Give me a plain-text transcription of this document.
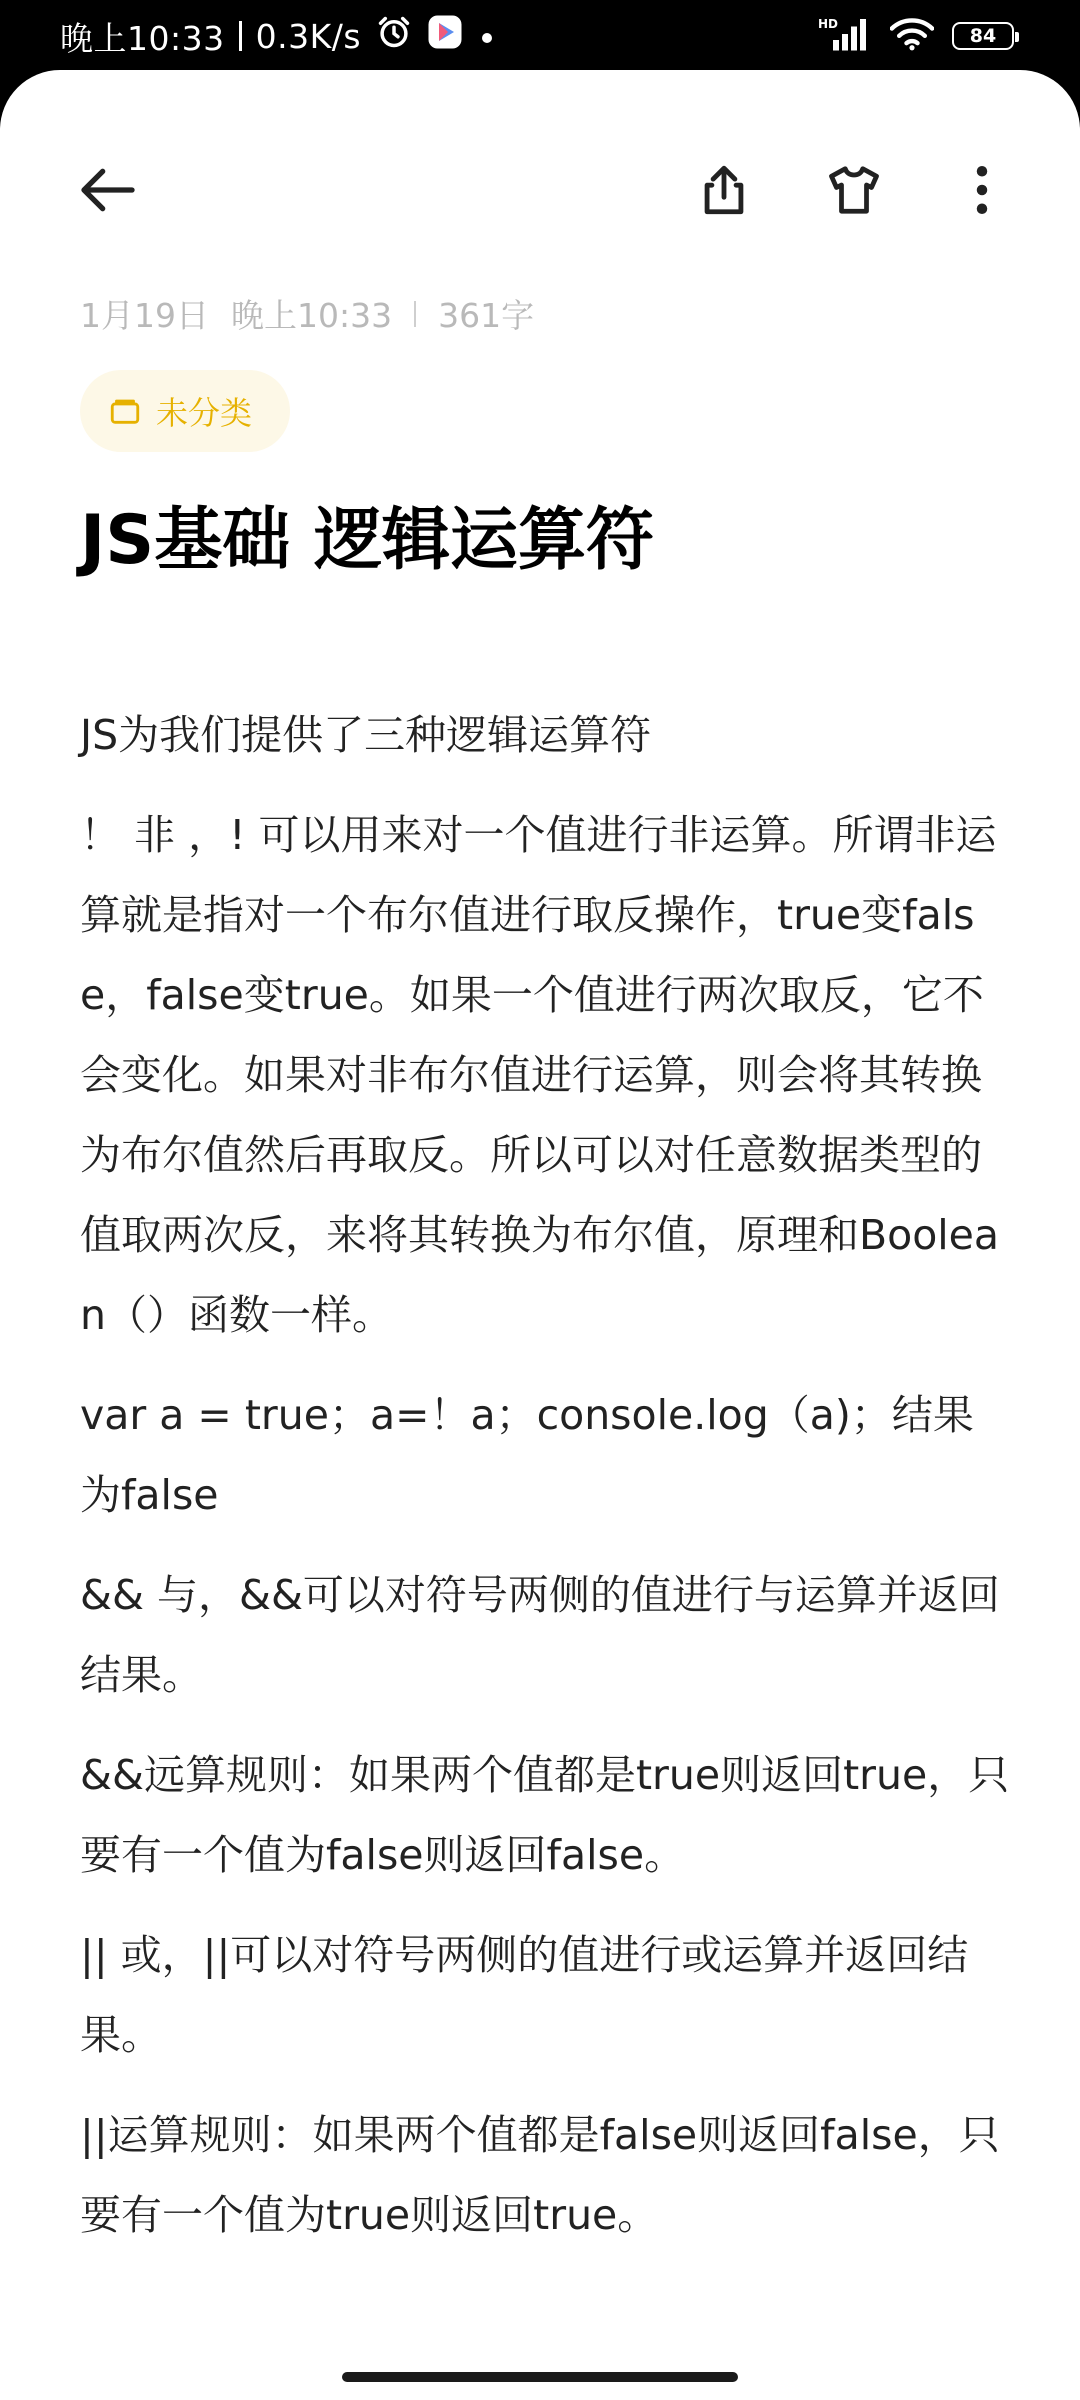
晚上10:33 0.3K/s	HD
84
1月19日 晚上10:33 361字
未分类
JS基础 逻辑运算符

JS为我们提供了三种逻辑运算符

！ 非 ，! 可以用来对一个值进行非运算。所谓非运算就是指对一个布尔值进行取反操作，true变false，false变true。如果一个值进行两次取反，它不会变化。如果对非布尔值进行运算，则会将其转换为布尔值然后再取反。所以可以对任意数据类型的值取两次反，来将其转换为布尔值，原理和Boolean（）函数一样。

var a = true；a=！a；console.log（a)；结果为false

&& 与，&&可以对符号两侧的值进行与运算并返回结果。

&&远算规则：如果两个值都是true则返回true，只要有一个值为false则返回false。

|| 或，||可以对符号两侧的值进行或运算并返回结果。

||运算规则：如果两个值都是false则返回false，只要有一个值为true则返回true。
